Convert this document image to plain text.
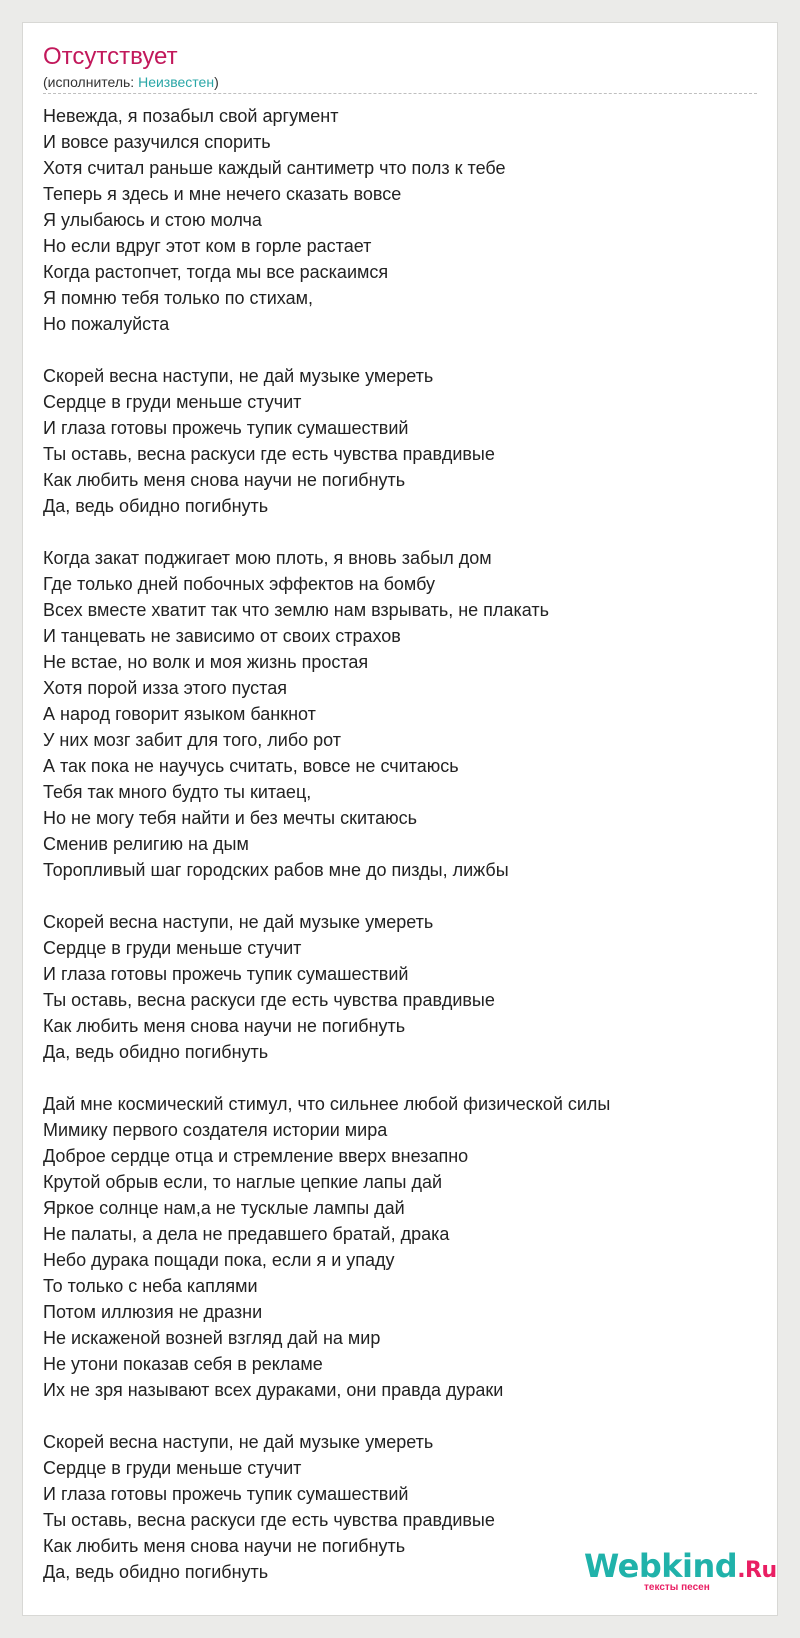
Отсутствует
(исполнитель: Неизвестен)
Невежда, я позабыл свой аргумент
И вовсе разучился спорить
Хотя считал раньше каждый сантиметр что полз к тебе
Теперь я здесь и мне нечего сказать вовсе
Я улыбаюсь и стою молча
Но если вдруг этот ком в горле растает
Когда растопчет, тогда мы все раскаимся
Я помню тебя только по стихам,
Но пожалуйста
Скорей весна наступи, не дай музыке умереть
Сердце в груди меньше стучит
И глаза готовы прожечь тупик сумашествий
Ты оставь, весна раскуси где есть чувства правдивые
Как любить меня снова научи не погибнуть
Да, ведь обидно погибнуть
Когда закат поджигает мою плоть, я вновь забыл дом
Где только дней побочных эффектов на бомбу
Всех вместе хватит так что землю нам взрывать, не плакать
И танцевать не зависимо от своих страхов
Не встае, но волк и моя жизнь простая
Хотя порой изза этого пустая
А народ говорит языком банкнот
У них мозг забит для того, либо рот
А так пока не научусь считать, вовсе не считаюсь
Тебя так много будто ты китаец,
Но не могу тебя найти и без мечты скитаюсь
Сменив религию на дым
Торопливый шаг городских рабов мне до пизды, лижбы
Скорей весна наступи, не дай музыке умереть
Сердце в груди меньше стучит
И глаза готовы прожечь тупик сумашествий
Ты оставь, весна раскуси где есть чувства правдивые
Как любить меня снова научи не погибнуть
Да, ведь обидно погибнуть
Дай мне космический стимул, что сильнее любой физической силы
Мимику первого создателя истории мира
Доброе сердце отца и стремление вверх внезапно
Крутой обрыв если, то наглые цепкие лапы дай
Яркое солнце нам,а не тусклые лампы дай
Не палаты, а дела не предавшего братай, драка
Небо дурака пощади пока, если я и упаду
То только с неба каплями
Потом иллюзия не дразни
Не искаженой возней взгляд дай на мир
Не утони показав себя в рекламе
Их не зря называют всех дураками, они правда дураки
Скорей весна наступи, не дай музыке умереть
Сердце в груди меньше стучит
И глаза готовы прожечь тупик сумашествий
Ты оставь, весна раскуси где есть чувства правдивые
Как любить меня снова научи не погибнуть
Да, ведь обидно погибнуть	Webkind.Ru
тексты песен
